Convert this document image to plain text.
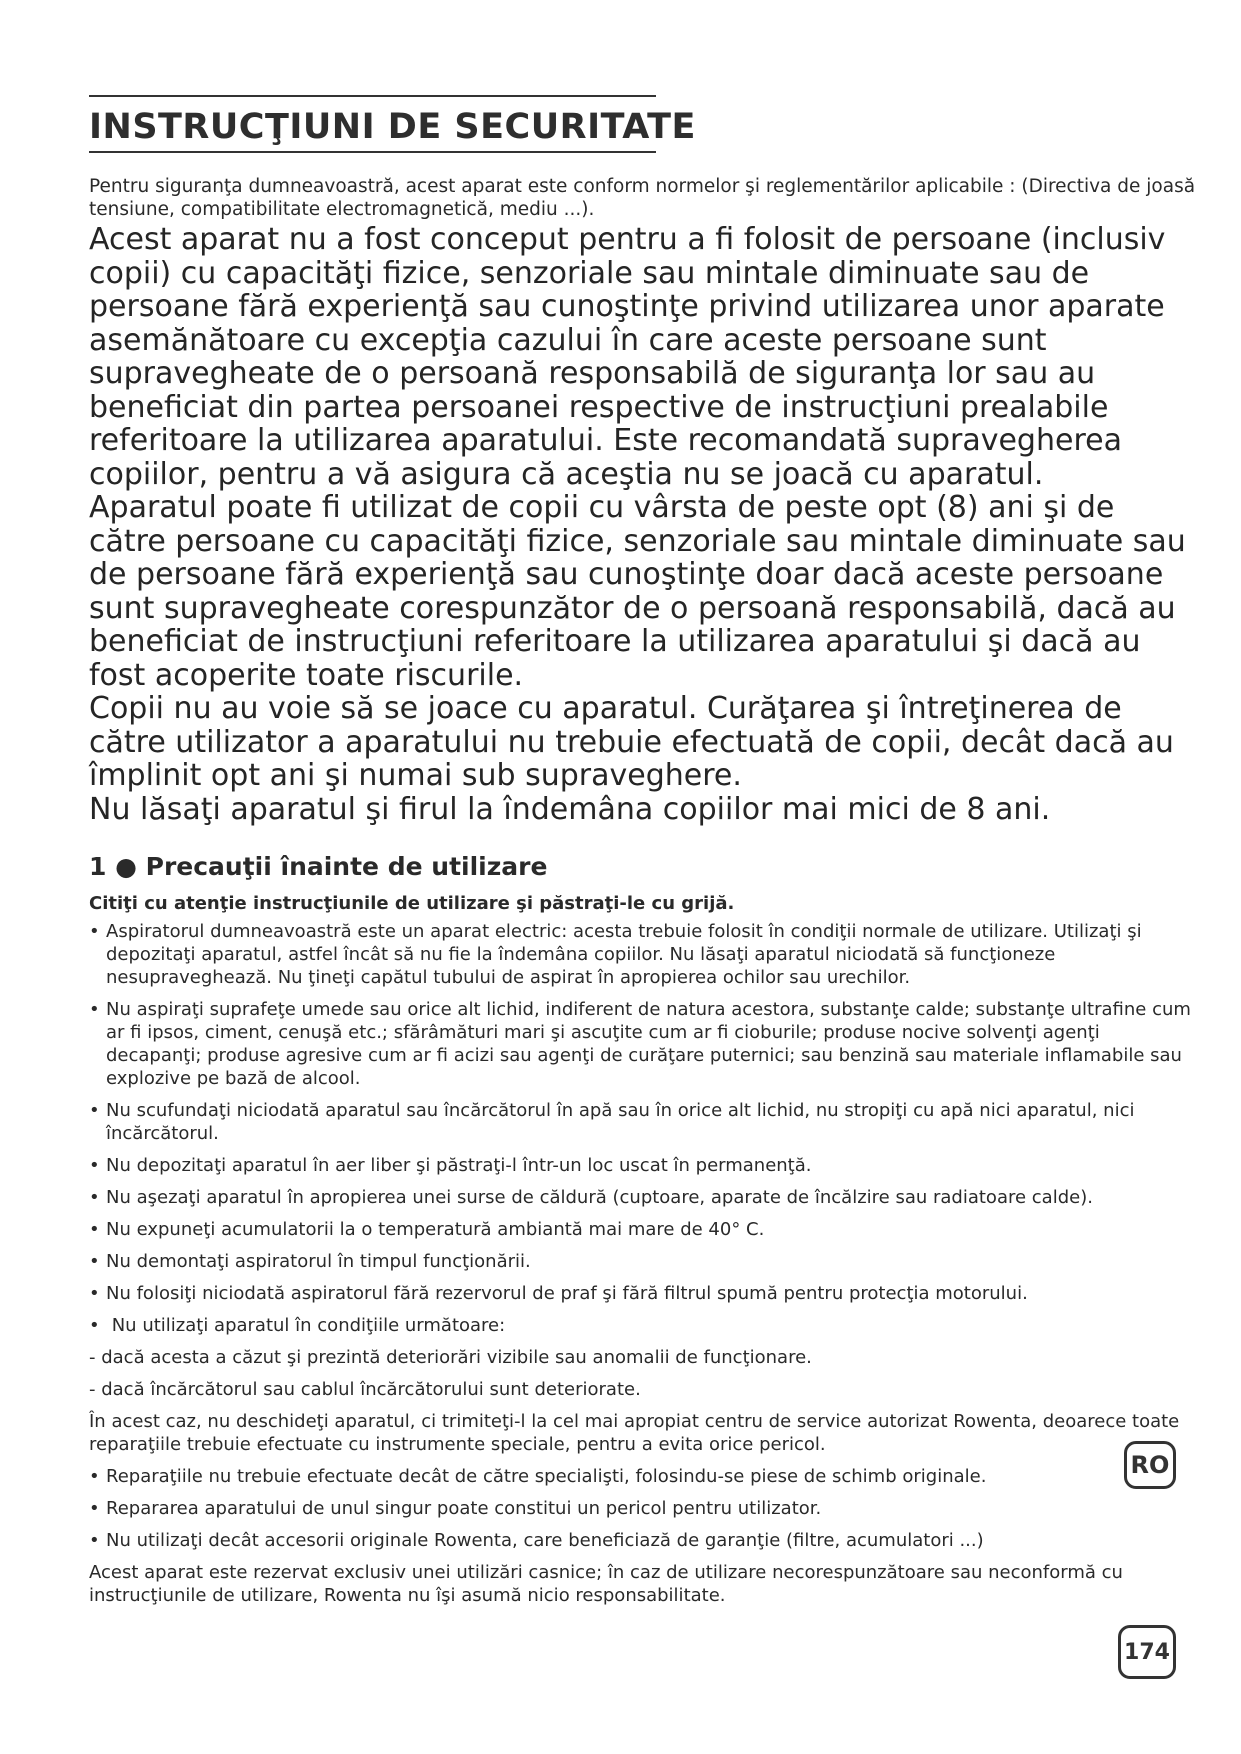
INSTRUCŢIUNI DE SECURITATE

Pentru siguranţa dumneavoastră, acest aparat este conform normelor şi reglementărilor aplicabile : (Directiva de joasă tensiune, compatibilitate electromagnetică, mediu ...).

Acest aparat nu a fost conceput pentru a fi folosit de persoane (inclusiv copii) cu capacităţi fizice, senzoriale sau mintale diminuate sau de persoane fără experienţă sau cunoştinţe privind utilizarea unor aparate asemănătoare cu excepţia cazului în care aceste persoane sunt supravegheate de o persoană responsabilă de siguranţa lor sau au beneficiat din partea persoanei respective de instrucţiuni prealabile referitoare la utilizarea aparatului. Este recomandată supravegherea copiilor, pentru a vă asigura că aceştia nu se joacă cu aparatul.

Aparatul poate fi utilizat de copii cu vârsta de peste opt (8) ani şi de către persoane cu capacităţi fizice, senzoriale sau mintale diminuate sau de persoane fără experienţă sau cunoştinţe doar dacă aceste persoane sunt supravegheate corespunzător de o persoană responsabilă, dacă au beneficiat de instrucţiuni referitoare la utilizarea aparatului şi dacă au fost acoperite toate riscurile.

Copii nu au voie să se joace cu aparatul. Curăţarea şi întreţinerea de către utilizator a aparatului nu trebuie efectuată de copii, decât dacă au împlinit opt ani şi numai sub supraveghere.

Nu lăsaţi aparatul şi firul la îndemâna copiilor mai mici de 8 ani.

1 ● Precauţii înainte de utilizare
Citiţi cu atenţie instrucţiunile de utilizare şi păstraţi-le cu grijă.
• Aspiratorul dumneavoastră este un aparat electric: acesta trebuie folosit în condiţii normale de utilizare. Utilizaţi şi depozitaţi aparatul, astfel încât să nu fie la îndemâna copiilor. Nu lăsaţi aparatul niciodată să funcţioneze nesupraveghează. Nu ţineţi capătul tubului de aspirat în apropierea ochilor sau urechilor.
• Nu aspiraţi suprafeţe umede sau orice alt lichid, indiferent de natura acestora, substanţe calde; substanţe ultrafine cum ar fi ipsos, ciment, cenuşă etc.; sfărâmături mari şi ascuţite cum ar fi cioburile; produse nocive solvenţi agenţi decapanţi; produse agresive cum ar fi acizi sau agenţi de curăţare puternici; sau benzină sau materiale inflamabile sau explozive pe bază de alcool.
• Nu scufundaţi niciodată aparatul sau încărcătorul în apă sau în orice alt lichid, nu stropiţi cu apă nici aparatul, nici încărcătorul.
• Nu depozitaţi aparatul în aer liber şi păstraţi-l într-un loc uscat în permanenţă.
• Nu aşezaţi aparatul în apropierea unei surse de căldură (cuptoare, aparate de încălzire sau radiatoare calde).
• Nu expuneţi acumulatorii la o temperatură ambiantă mai mare de 40° C.
• Nu demontaţi aspiratorul în timpul funcţionării.
• Nu folosiţi niciodată aspiratorul fără rezervorul de praf şi fără filtrul spumă pentru protecţia motorului.
• Nu utilizaţi aparatul în condiţiile următoare:
- dacă acesta a căzut şi prezintă deteriorări vizibile sau anomalii de funcţionare.
- dacă încărcătorul sau cablul încărcătorului sunt deteriorate.

În acest caz, nu deschideţi aparatul, ci trimiteţi-l la cel mai apropiat centru de service autorizat Rowenta, deoarece toate reparaţiile trebuie efectuate cu instrumente speciale, pentru a evita orice pericol.

• Reparaţiile nu trebuie efectuate decât de către specialişti, folosindu-se piese de schimb originale.
• Repararea aparatului de unul singur poate constitui un pericol pentru utilizator.
• Nu utilizaţi decât accesorii originale Rowenta, care beneficiază de garanţie (filtre, acumulatori ...)

Acest aparat este rezervat exclusiv unei utilizări casnice; în caz de utilizare necorespunzătoare sau neconformă cu instrucţiunile de utilizare, Rowenta nu îşi asumă nicio responsabilitate.

RO
174
